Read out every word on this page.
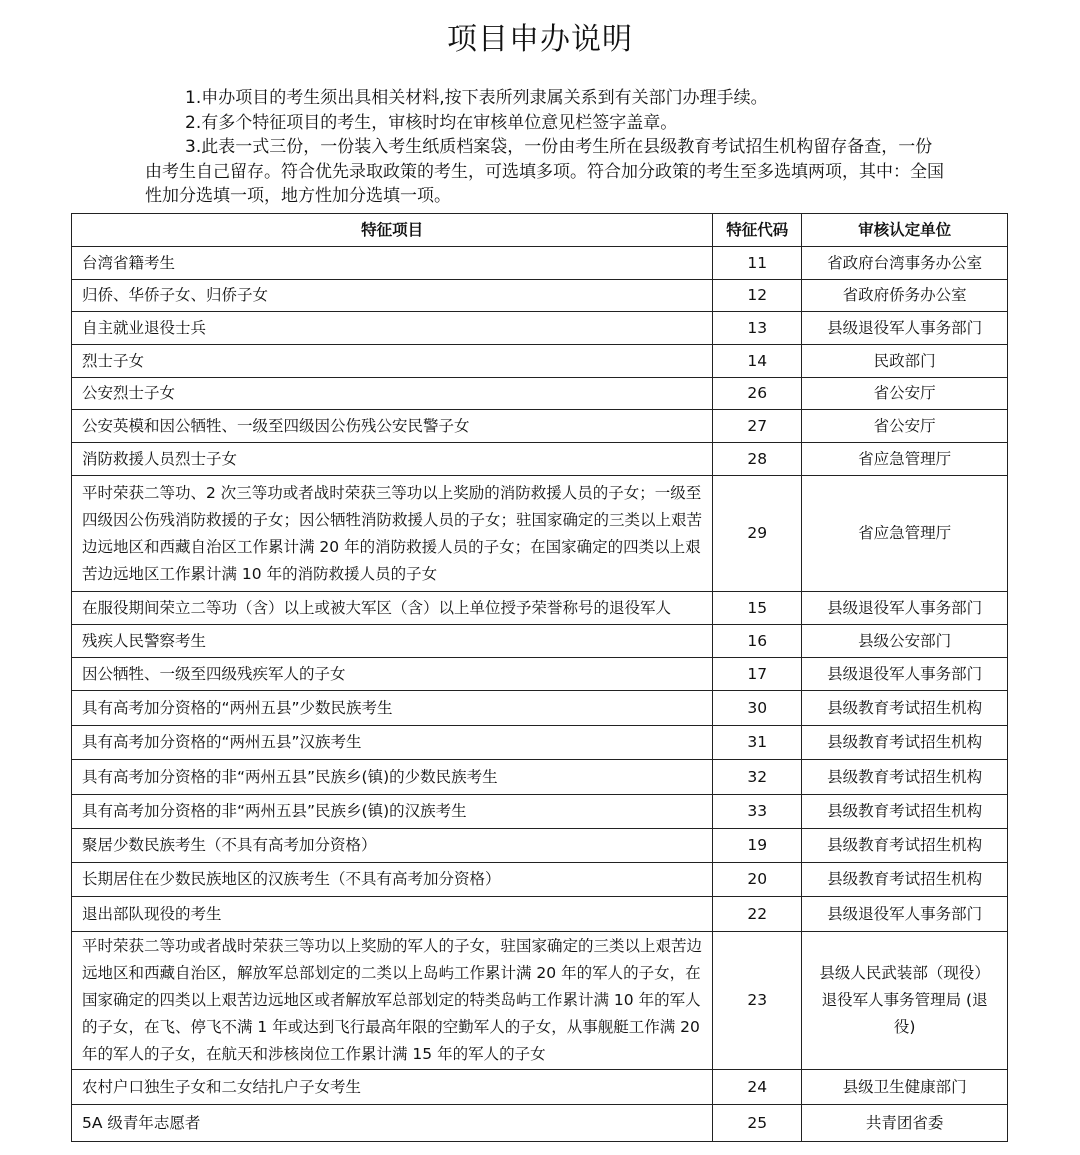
项目申办说明

1.申办项目的考生须出具相关材料,按下表所列隶属关系到有关部门办理手续。

2.有多个特征项目的考生，审核时均在审核单位意见栏签字盖章。

3.此表一式三份，一份装入考生纸质档案袋，一份由考生所在县级教育考试招生机构留存备查，一份由考生自己留存。符合优先录取政策的考生，可选填多项。符合加分政策的考生至多选填两项，其中：全国性加分选填一项，地方性加分选填一项。

特征项目	特征代码	审核认定单位
台湾省籍考生	11	省政府台湾事务办公室
归侨、华侨子女、归侨子女	12	省政府侨务办公室
自主就业退役士兵	13	县级退役军人事务部门
烈士子女	14	民政部门
公安烈士子女	26	省公安厅
公安英模和因公牺牲、一级至四级因公伤残公安民警子女	27	省公安厅
消防救援人员烈士子女	28	省应急管理厅
平时荣获二等功、2 次三等功或者战时荣获三等功以上奖励的消防救援人员的子女；一级至四级因公伤残消防救援的子女；因公牺牲消防救援人员的子女；驻国家确定的三类以上艰苦边远地区和西藏自治区工作累计满 20 年的消防救援人员的子女；在国家确定的四类以上艰苦边远地区工作累计满 10 年的消防救援人员的子女	29	省应急管理厅
在服役期间荣立二等功（含）以上或被大军区（含）以上单位授予荣誉称号的退役军人	15	县级退役军人事务部门
残疾人民警察考生	16	县级公安部门
因公牺牲、一级至四级残疾军人的子女	17	县级退役军人事务部门
具有高考加分资格的“两州五县”少数民族考生	30	县级教育考试招生机构
具有高考加分资格的“两州五县”汉族考生	31	县级教育考试招生机构
具有高考加分资格的非“两州五县”民族乡(镇)的少数民族考生	32	县级教育考试招生机构
具有高考加分资格的非“两州五县”民族乡(镇)的汉族考生	33	县级教育考试招生机构
聚居少数民族考生（不具有高考加分资格）	19	县级教育考试招生机构
长期居住在少数民族地区的汉族考生（不具有高考加分资格）	20	县级教育考试招生机构
退出部队现役的考生	22	县级退役军人事务部门
平时荣获二等功或者战时荣获三等功以上奖励的军人的子女，驻国家确定的三类以上艰苦边远地区和西藏自治区，解放军总部划定的二类以上岛屿工作累计满 20 年的军人的子女，在国家确定的四类以上艰苦边远地区或者解放军总部划定的特类岛屿工作累计满 10 年的军人的子女，在飞、停飞不满 1 年或达到飞行最高年限的空勤军人的子女，从事舰艇工作满 20 年的军人的子女，在航天和涉核岗位工作累计满 15 年的军人的子女	23	县级人民武装部（现役）退役军人事务管理局 (退役)
农村户口独生子女和二女结扎户子女考生	24	县级卫生健康部门
5A 级青年志愿者	25	共青团省委
